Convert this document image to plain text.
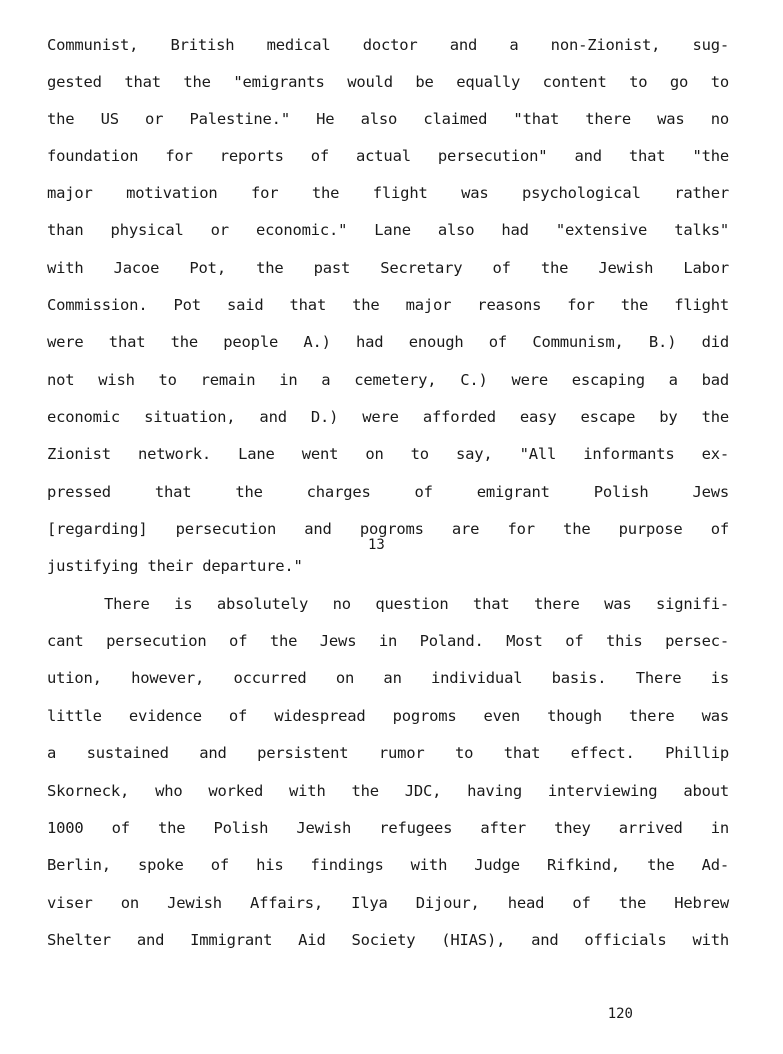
Communist, British medical doctor and a non-Zionist, sug-
gested that the "emigrants would be equally content to go to
the US or Palestine." He also claimed "that there was no
foundation for reports of actual persecution" and that "the
major motivation for the flight was psychological rather
than physical or economic." Lane also had "extensive talks"
with Jacoe Pot, the past Secretary of the Jewish Labor
Commission. Pot said that the major reasons for the flight
were that the people A.) had enough of Communism, B.) did
not wish to remain in a cemetery, C.) were escaping a bad
economic situation, and D.) were afforded easy escape by the
Zionist network. Lane went on to say, "All informants ex-
pressed that the charges of emigrant Polish Jews
[regarding] persecution and pogroms are for the purpose of
justifying their departure."
13
There is absolutely no question that there was signifi-
cant persecution of the Jews in Poland. Most of this persec-
ution, however, occurred on an individual basis. There is
little evidence of widespread pogroms even though there was
a sustained and persistent rumor to that effect. Phillip
Skorneck, who worked with the JDC, having interviewing about
1000 of the Polish Jewish refugees after they arrived in
Berlin, spoke of his findings with Judge Rifkind, the Ad-
viser on Jewish Affairs, Ilya Dijour, head of the Hebrew
Shelter and Immigrant Aid Society (HIAS), and officials with
120
